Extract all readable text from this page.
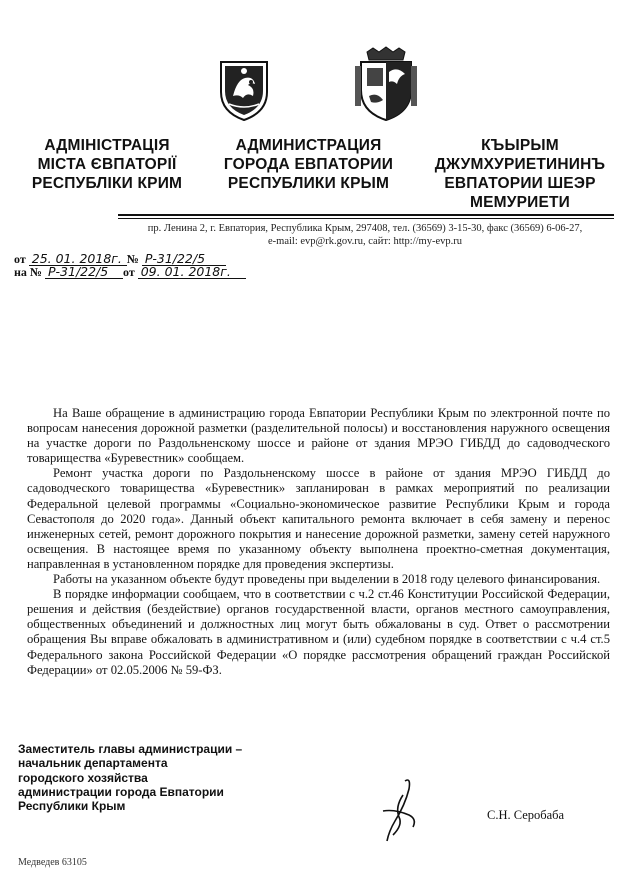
АДМІНІСТРАЦІЯ
МІСТА ЄВПАТОРІЇ
РЕСПУБЛІКИ КРИМ
АДМИНИСТРАЦИЯ
ГОРОДА ЕВПАТОРИИ
РЕСПУБЛИКИ КРЫМ
КЪЫРЫМ
ДЖУМХУРИЕТИНИНЪ
ЕВПАТОРИИ ШЕЭР
МЕМУРИЕТИ
пр. Ленина 2, г. Евпатория, Республика Крым, 297408, тел. (36569) 3-15-30, факс (36569) 6-06-27,
e-mail: evp@rk.gov.ru, сайт: http://my-evp.ru
от 25. 01. 2018г. № Р-31/22/5
на № Р-31/22/5 от 09. 01. 2018г.

На Ваше обращение в администрацию города Евпатории Республики Крым по электронной почте по вопросам нанесения дорожной разметки (разделительной полосы) и восстановления наружного освещения на участке дороги по Раздольненскому шоссе и районе от здания МРЭО ГИБДД до садоводческого товарищества «Буревестник» сообщаем.

Ремонт участка дороги по Раздольненскому шоссе в районе от здания МРЭО ГИБДД до садоводческого товарищества «Буревестник» запланирован в рамках мероприятий по реализации Федеральной целевой программы «Социально-экономическое развитие Республики Крым и города Севастополя до 2020 года». Данный объект капитального ремонта включает в себя замену и перенос инженерных сетей, ремонт дорожного покрытия и нанесение дорожной разметки, замену сетей наружного освещения. В настоящее время по указанному объекту выполнена проектно-сметная документация, направленная в установленном порядке для проведения экспертизы.

Работы на указанном объекте будут проведены при выделении в 2018 году целевого финансирования.

В порядке информации сообщаем, что в соответствии с ч.2 ст.46 Конституции Российской Федерации, решения и действия (бездействие) органов государственной власти, органов местного самоуправления, общественных объединений и должностных лиц могут быть обжалованы в суд. Ответ о рассмотрении обращения Вы вправе обжаловать в административном и (или) судебном порядке в соответствии с ч.4 ст.5 Федерального закона Российской Федерации «О порядке рассмотрения обращений граждан Российской Федерации» от 02.05.2006 № 59-ФЗ.

Заместитель главы администрации –
начальник департамента
городского хозяйства
администрации города Евпатории
Республики Крым
С.Н. Серобаба
Медведев 63105
